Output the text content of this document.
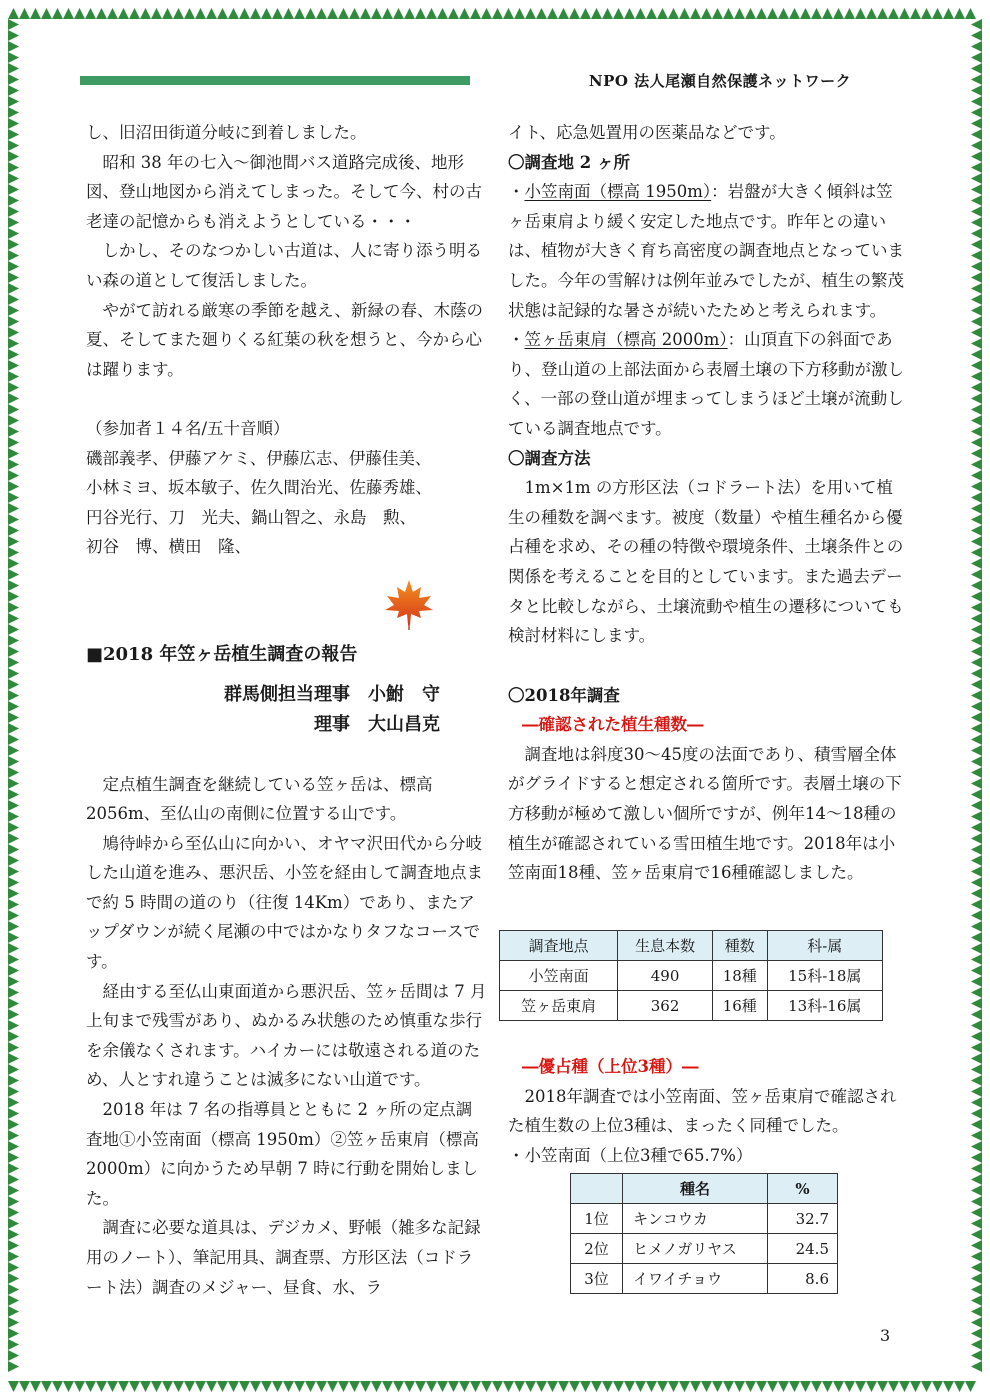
NPO 法人尾瀬自然保護ネットワーク

し、旧沼田街道分岐に到着しました。

昭和 38 年の七入～御池間バス道路完成後、地形図、登山地図から消えてしまった。そして今、村の古老達の記憶からも消えようとしている・・・

しかし、そのなつかしい古道は、人に寄り添う明るい森の道として復活しました。

やがて訪れる厳寒の季節を越え、新緑の春、木蔭の夏、そしてまた廻りくる紅葉の秋を想うと、今から心は躍ります。

（参加者１４名/五十音順）

磯部義孝、伊藤アケミ、伊藤広志、伊藤佳美、

小林ミヨ、坂本敏子、佐久間治光、佐藤秀雄、

円谷光行、刀　光夫、鍋山智之、永島　勲、

初谷　博、横田　隆、

■2018 年笠ヶ岳植生調査の報告

群馬側担当理事　小鮒　守

理事　大山昌克

定点植生調査を継続している笠ヶ岳は、標高 2056m、至仏山の南側に位置する山です。

鳩待峠から至仏山に向かい、オヤマ沢田代から分岐した山道を進み、悪沢岳、小笠を経由して調査地点まで約 5 時間の道のり（往復 14Km）であり、またアップダウンが続く尾瀬の中ではかなりタフなコースです。

経由する至仏山東面道から悪沢岳、笠ヶ岳間は 7 月上旬まで残雪があり、ぬかるみ状態のため慎重な歩行を余儀なくされます。ハイカーには敬遠される道のため、人とすれ違うことは滅多にない山道です。

2018 年は 7 名の指導員とともに 2 ヶ所の定点調査地①小笠南面（標高 1950m）②笠ヶ岳東肩（標高 2000m）に向かうため早朝 7 時に行動を開始しました。

調査に必要な道具は、デジカメ、野帳（雑多な記録用のノート）、筆記用具、調査票、方形区法（コドラート法）調査のメジャー、昼食、水、ラ

イト、応急処置用の医薬品などです。

〇調査地 2 ヶ所

・小笠南面（標高 1950m）：岩盤が大きく傾斜は笠ヶ岳東肩より緩く安定した地点です。昨年との違いは、植物が大きく育ち高密度の調査地点となっていました。今年の雪解けは例年並みでしたが、植生の繁茂状態は記録的な暑さが続いたためと考えられます。

・笠ヶ岳東肩（標高 2000m）：山頂直下の斜面であり、登山道の上部法面から表層土壌の下方移動が激しく、一部の登山道が埋まってしまうほど土壌が流動している調査地点です。

〇調査方法

1m×1m の方形区法（コドラート法）を用いて植生の種数を調べます。被度（数量）や植生種名から優占種を求め、その種の特徴や環境条件、土壌条件との関係を考えることを目的としています。また過去データと比較しながら、土壌流動や植生の遷移についても検討材料にします。

〇2018年調査

―確認された植生種数―

調査地は斜度30～45度の法面であり、積雪層全体がグライドすると想定される箇所です。表層土壌の下方移動が極めて激しい個所ですが、例年14～18種の植生が確認されている雪田植生地です。2018年は小笠南面18種、笠ヶ岳東肩で16種確認しました。

―優占種（上位3種）―

2018年調査では小笠南面、笠ヶ岳東肩で確認された植生数の上位3種は、まったく同種でした。

・小笠南面（上位3種で65.7%）

調査地点	生息本数	種数	科-属
小笠南面	490	18種	15科-18属
笠ヶ岳東肩	362	16種	13科-16属
	種名	%
1位	キンコウカ	32.7
2位	ヒメノガリヤス	24.5
3位	イワイチョウ	8.6
3
